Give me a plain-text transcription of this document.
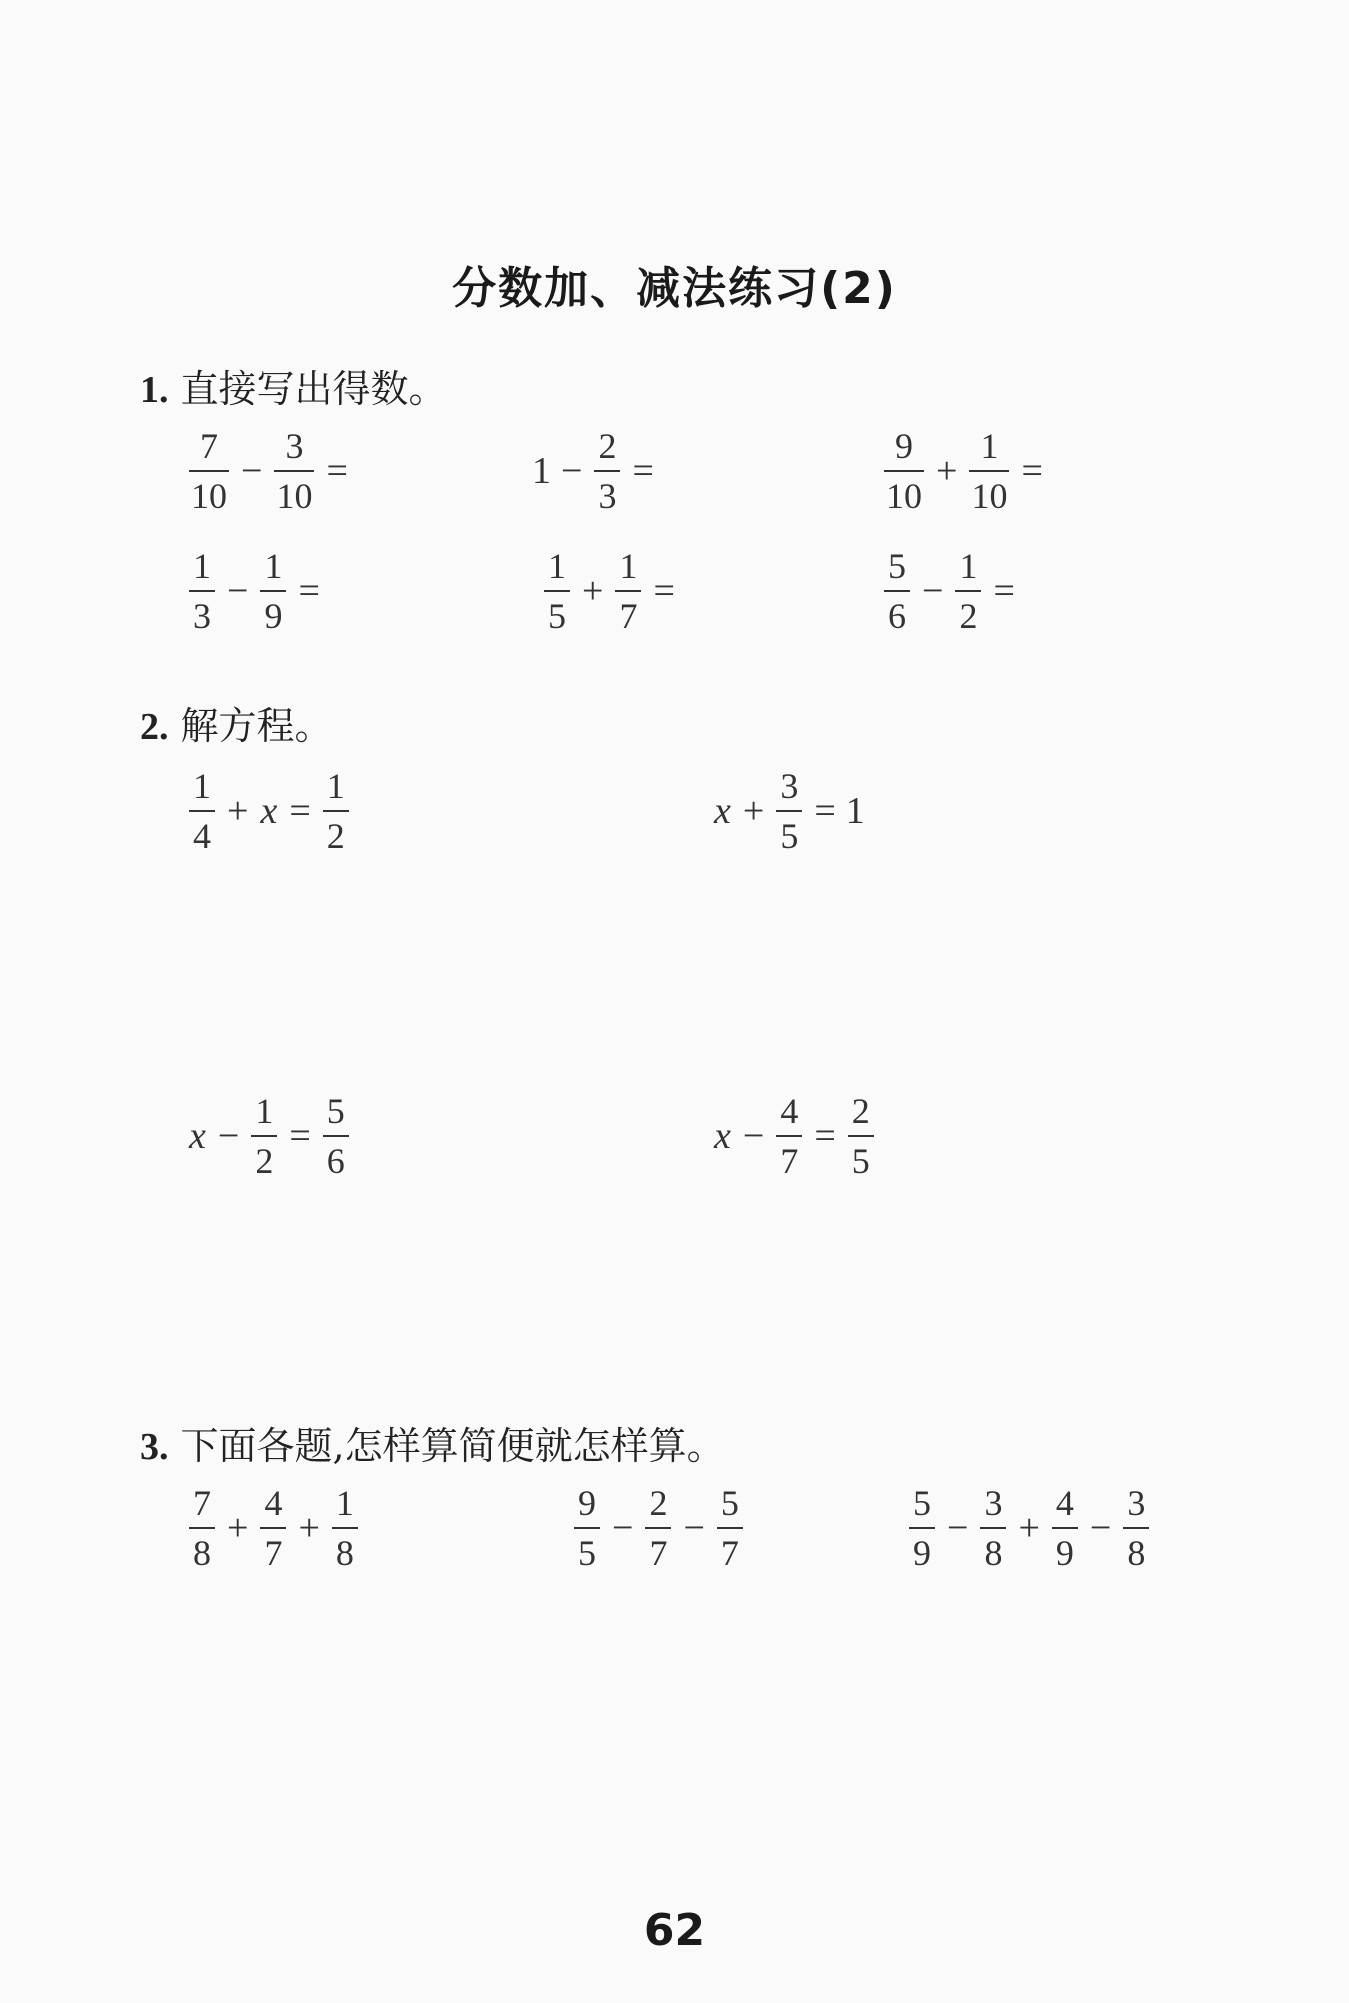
分数加、减法练习(2)
1. 直接写出得数。
$\frac{7}{10} - \frac{3}{10}$ =	$1 - \frac{2}{3}$ =	$\frac{9}{10} + \frac{1}{10}$ =
$\frac{1}{3} - \frac{1}{9}$ =	$\frac{1}{5} + \frac{1}{7}$ =	$\frac{5}{6} - \frac{1}{2}$ =
2. 解方程。
$\frac{1}{4} + x = \frac{1}{2}$	$x + \frac{3}{5} = 1$
$x - \frac{1}{2} = \frac{5}{6}$	$x - \frac{4}{7} = \frac{2}{5}$
3. 下面各题,怎样算简便就怎样算。
$\frac{7}{8} + \frac{4}{7} + \frac{1}{8}$	$\frac{9}{5} - \frac{2}{7} - \frac{5}{7}$	$\frac{5}{9} - \frac{3}{8} + \frac{4}{9} - \frac{3}{8}$
62
